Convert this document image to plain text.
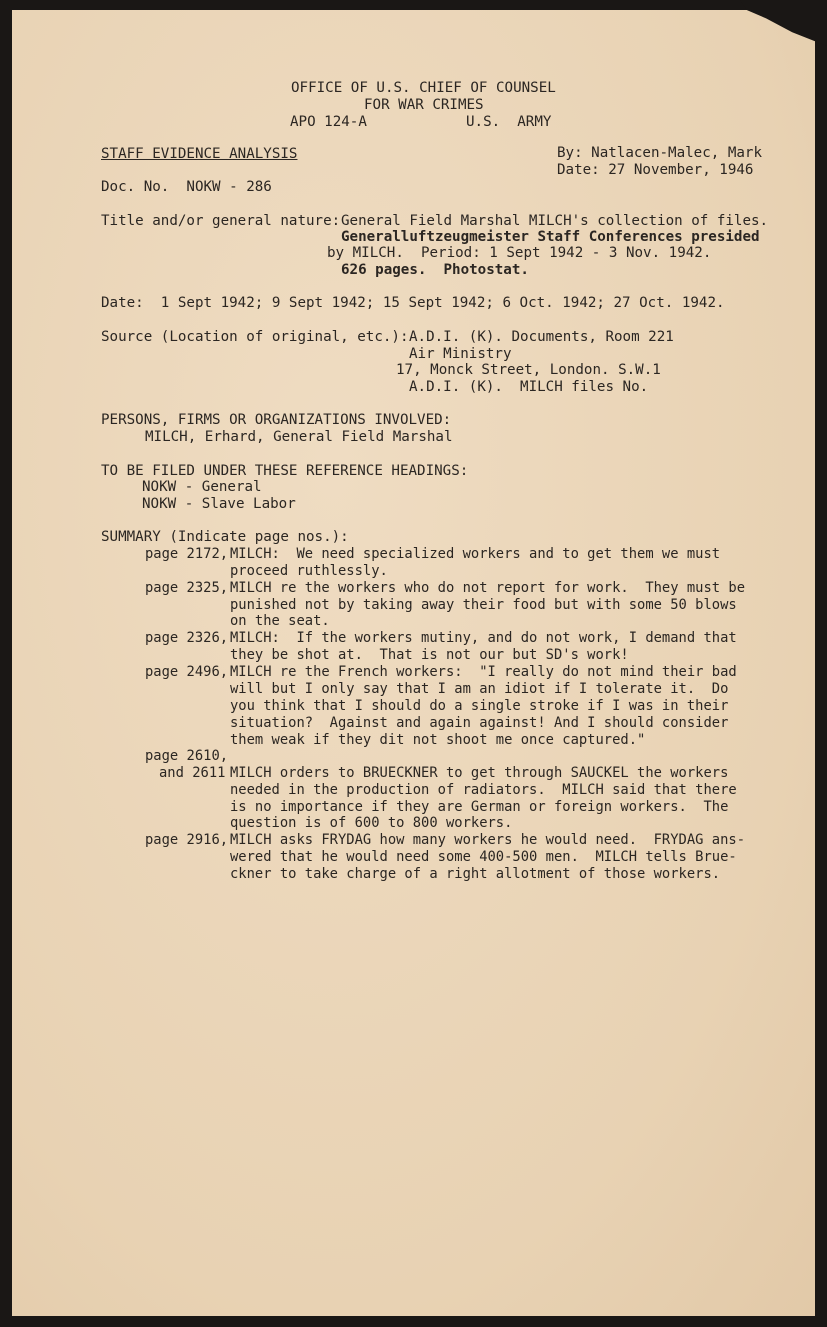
OFFICE OF U.S. CHIEF OF COUNSEL
FOR WAR CRIMES
APO 124-A	U.S.  ARMY
STAFF EVIDENCE ANALYSIS	By: Natlacen-Malec, Mark
Date: 27 November, 1946
Doc. No.  NOKW - 286
Title and/or general nature: General Field Marshal MILCH's collection of files.
Generalluftzeugmeister Staff Conferences presided
by MILCH.  Period: 1 Sept 1942 - 3 Nov. 1942.
626 pages.  Photostat.
Date:  1 Sept 1942; 9 Sept 1942; 15 Sept 1942; 6 Oct. 1942; 27 Oct. 1942.
Source (Location of original, etc.): A.D.I. (K). Documents, Room 221
Air Ministry
17, Monck Street, London. S.W.1
A.D.I. (K).  MILCH files No.
PERSONS, FIRMS OR ORGANIZATIONS INVOLVED:
MILCH, Erhard, General Field Marshal
TO BE FILED UNDER THESE REFERENCE HEADINGS:
NOKW - General
NOKW - Slave Labor
SUMMARY (Indicate page nos.):
page 2172, MILCH:  We need specialized workers and to get them we must
proceed ruthlessly.
page 2325, MILCH re the workers who do not report for work.  They must be
punished not by taking away their food but with some 50 blows
on the seat.
page 2326, MILCH:  If the workers mutiny, and do not work, I demand that
they be shot at.  That is not our but SD's work!
page 2496, MILCH re the French workers:  "I really do not mind their bad
will but I only say that I am an idiot if I tolerate it.  Do
you think that I should do a single stroke if I was in their
situation?  Against and again against! And I should consider
them weak if they dit not shoot me once captured."
page 2610,
and 2611 MILCH orders to BRUECKNER to get through SAUCKEL the workers
needed in the production of radiators.  MILCH said that there
is no importance if they are German or foreign workers.  The
question is of 600 to 800 workers.
page 2916, MILCH asks FRYDAG how many workers he would need.  FRYDAG ans-
wered that he would need some 400-500 men.  MILCH tells Brue-
ckner to take charge of a right allotment of those workers.
